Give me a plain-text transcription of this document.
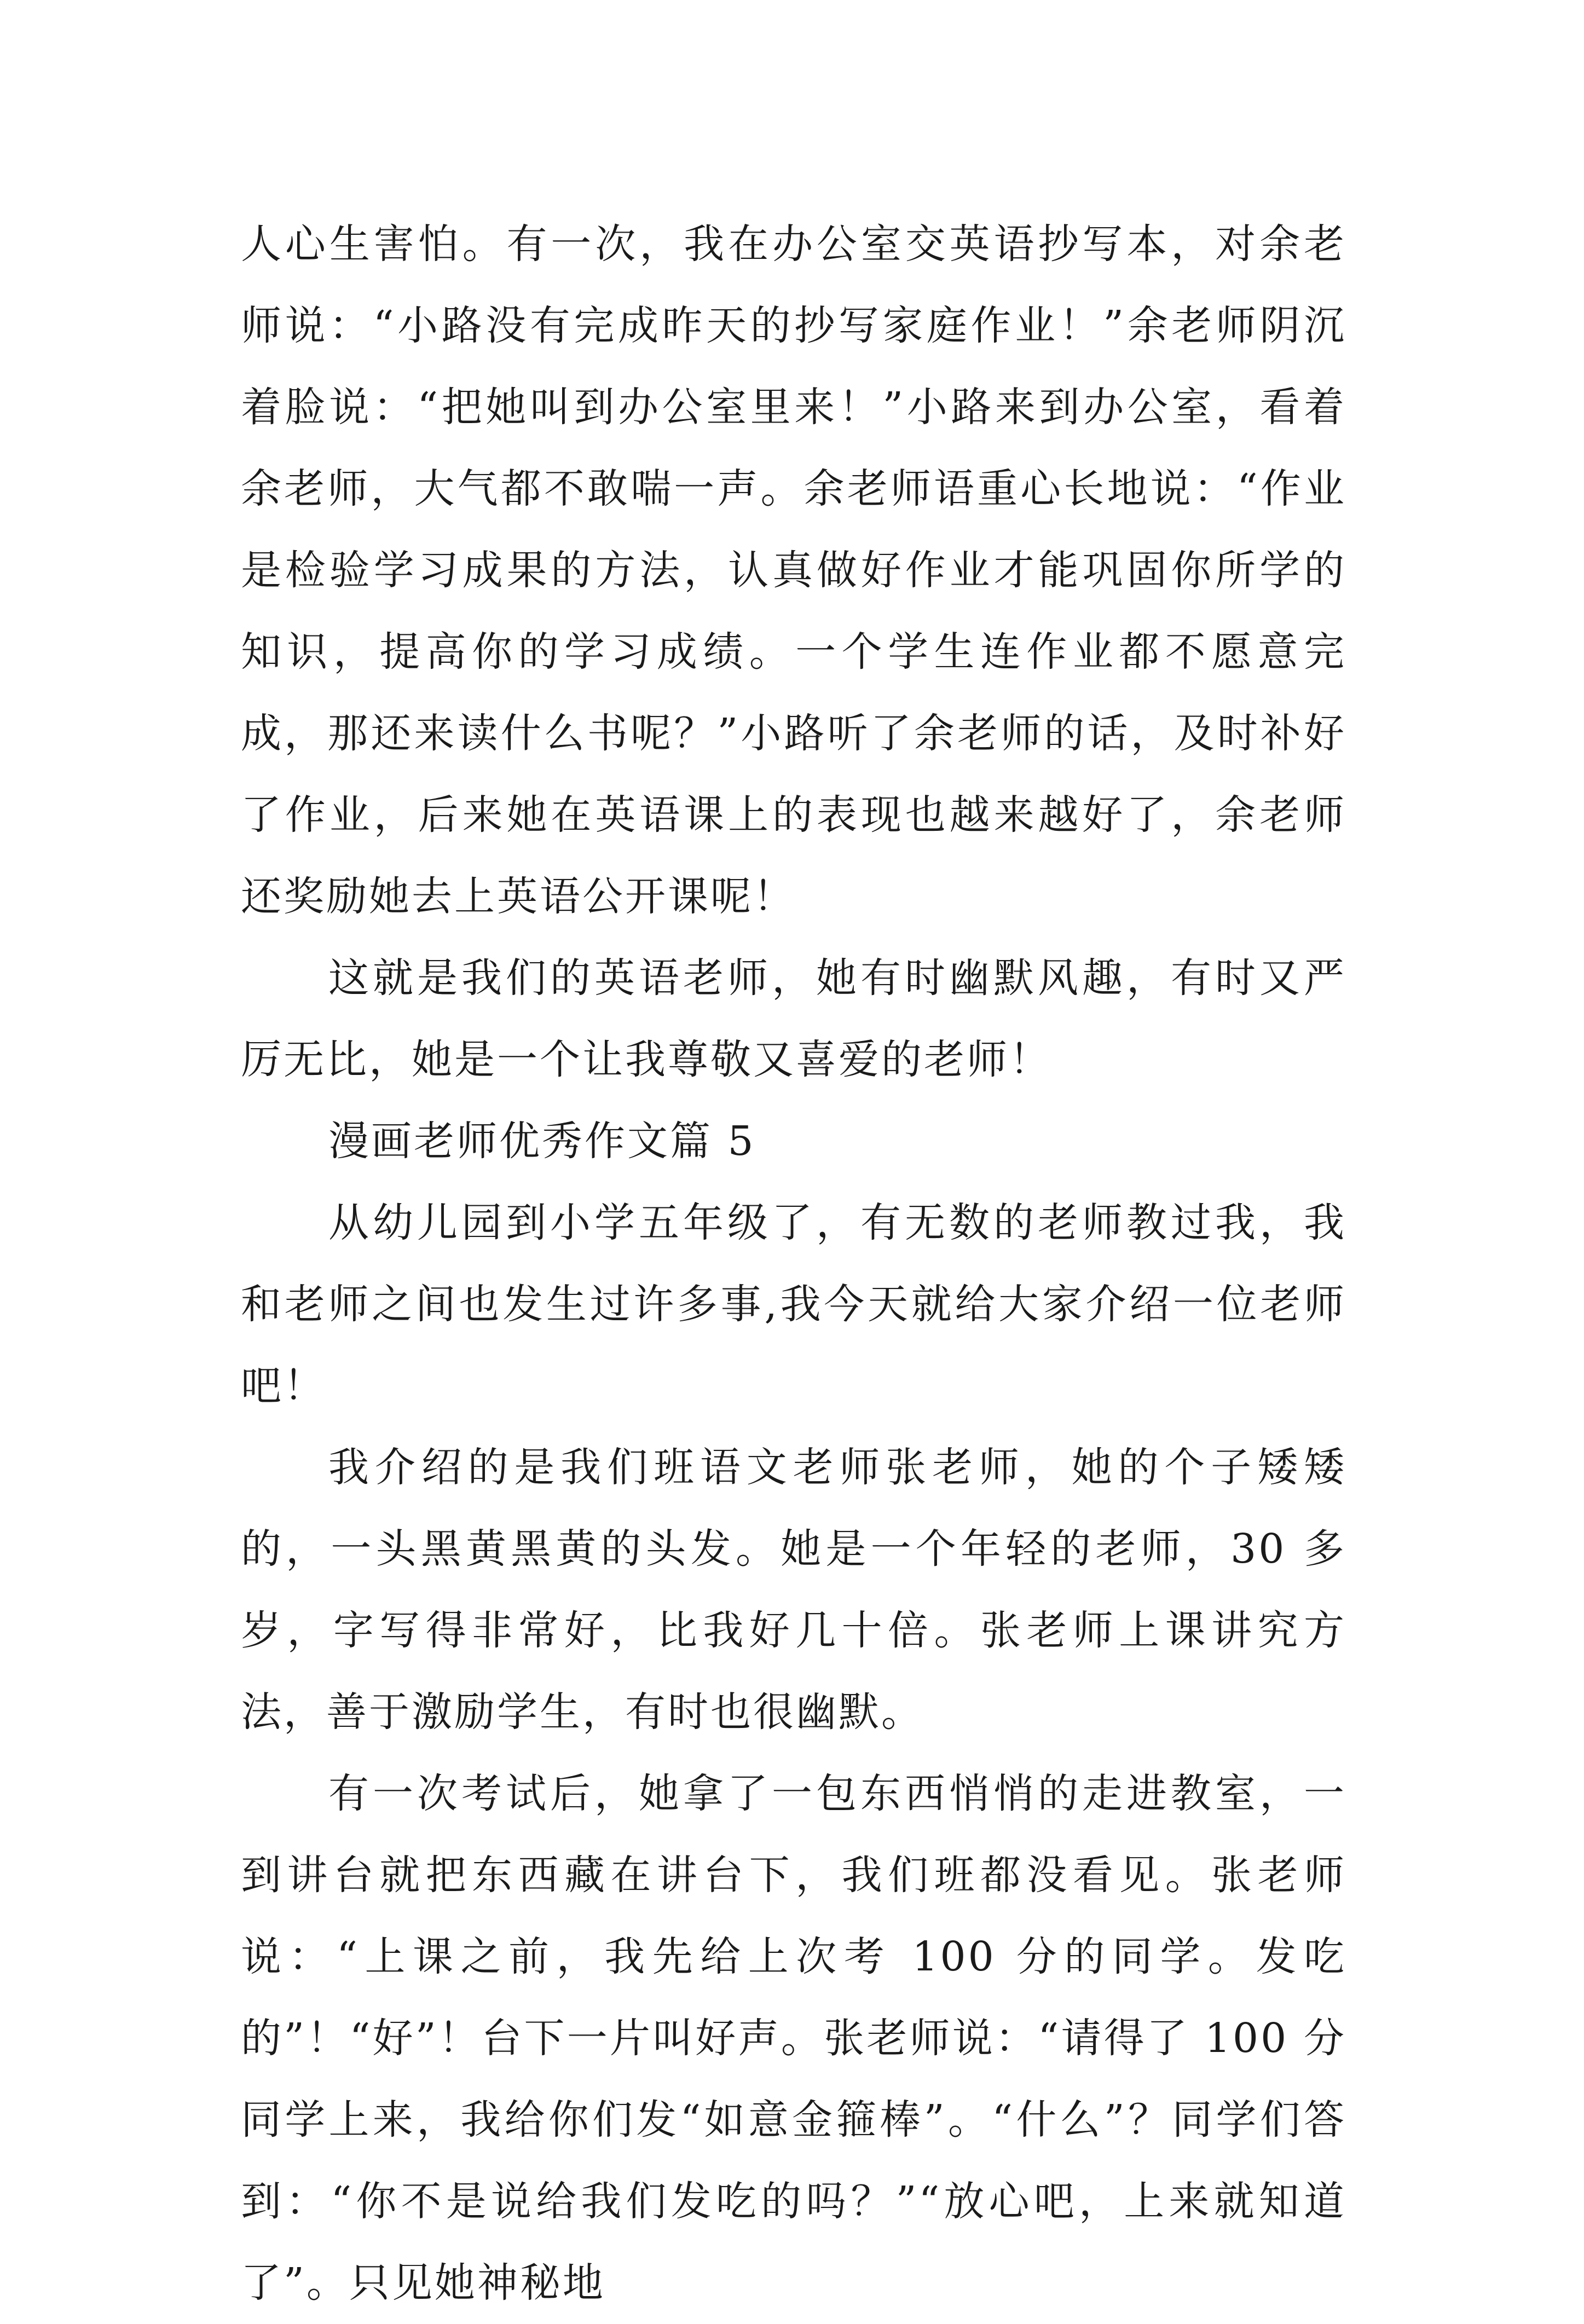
人心生害怕。有一次，我在办公室交英语抄写本，对余老师说：“小路没有完成昨天的抄写家庭作业！”余老师阴沉着脸说：“把她叫到办公室里来！”小路来到办公室，看着余老师，大气都不敢喘一声。余老师语重心长地说：“作业是检验学习成果的方法，认真做好作业才能巩固你所学的知识，提高你的学习成绩。一个学生连作业都不愿意完成，那还来读什么书呢？”小路听了余老师的话，及时补好了作业，后来她在英语课上的表现也越来越好了，余老师还奖励她去上英语公开课呢！

这就是我们的英语老师，她有时幽默风趣，有时又严厉无比，她是一个让我尊敬又喜爱的老师！

漫画老师优秀作文篇 5

从幼儿园到小学五年级了，有无数的老师教过我，我和老师之间也发生过许多事,我今天就给大家介绍一位老师吧！

我介绍的是我们班语文老师张老师，她的个子矮矮的，一头黑黄黑黄的头发。她是一个年轻的老师，30 多岁，字写得非常好，比我好几十倍。张老师上课讲究方法，善于激励学生，有时也很幽默。

有一次考试后，她拿了一包东西悄悄的走进教室，一到讲台就把东西藏在讲台下，我们班都没看见。张老师说：“上课之前，我先给上次考 100 分的同学。发吃的”！“好”！台下一片叫好声。张老师说：“请得了 100 分同学上来，我给你们发“如意金箍棒”。“什么”？同学们答到：“你不是说给我们发吃的吗？”“放心吧，上来就知道了”。只见她神秘地
